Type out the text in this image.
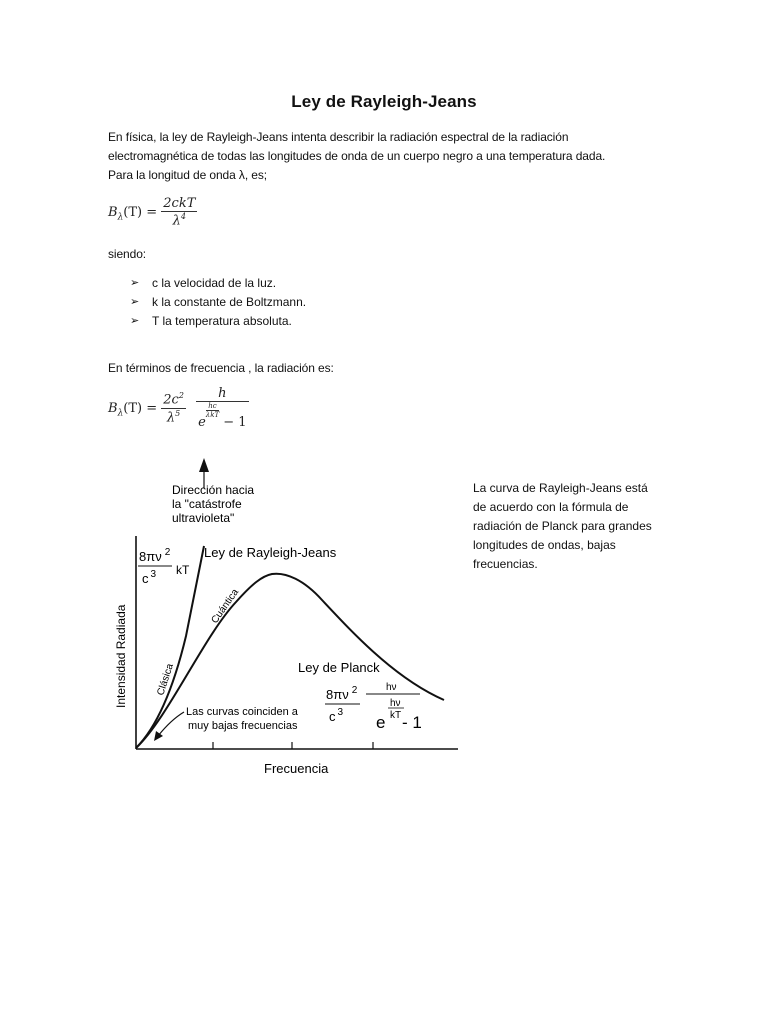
Ley de Rayleigh-Jeans

En física, la ley de Rayleigh-Jeans intenta describir la radiación espectral de la radiación

electromagnética de todas las longitudes de onda de un cuerpo negro a una temperatura dada.

Para la longitud de onda λ, es;

$B_\lambda(T) = \frac{\text{2ckT}}{\lambda^4}$
siendo:
➢ c la velocidad de la luz.
➢ k la constante de Boltzmann.
➢ T la temperatura absoluta.
En términos de frecuencia , la radiación es:
$B_\lambda(T) = \frac{2c^2}{\lambda^5}$
h
e
hc
λkT − 1
Dirección hacia
la "catástrofe
ultravioleta"
Ley de Rayleigh-Jeans
Ley de Planck
Clásica
Cuántica
8πν $^2$
c $^3$ kT
8πν $^2$
c $^3$
hν
hν
kT
e - 1
Las curvas coinciden a
muy bajas frecuencias
Intensidad Radiada
Frecuencia
La curva de Rayleigh-Jeans está
de acuerdo con la fórmula de
radiación de Planck para grandes
longitudes de ondas, bajas
frecuencias.
